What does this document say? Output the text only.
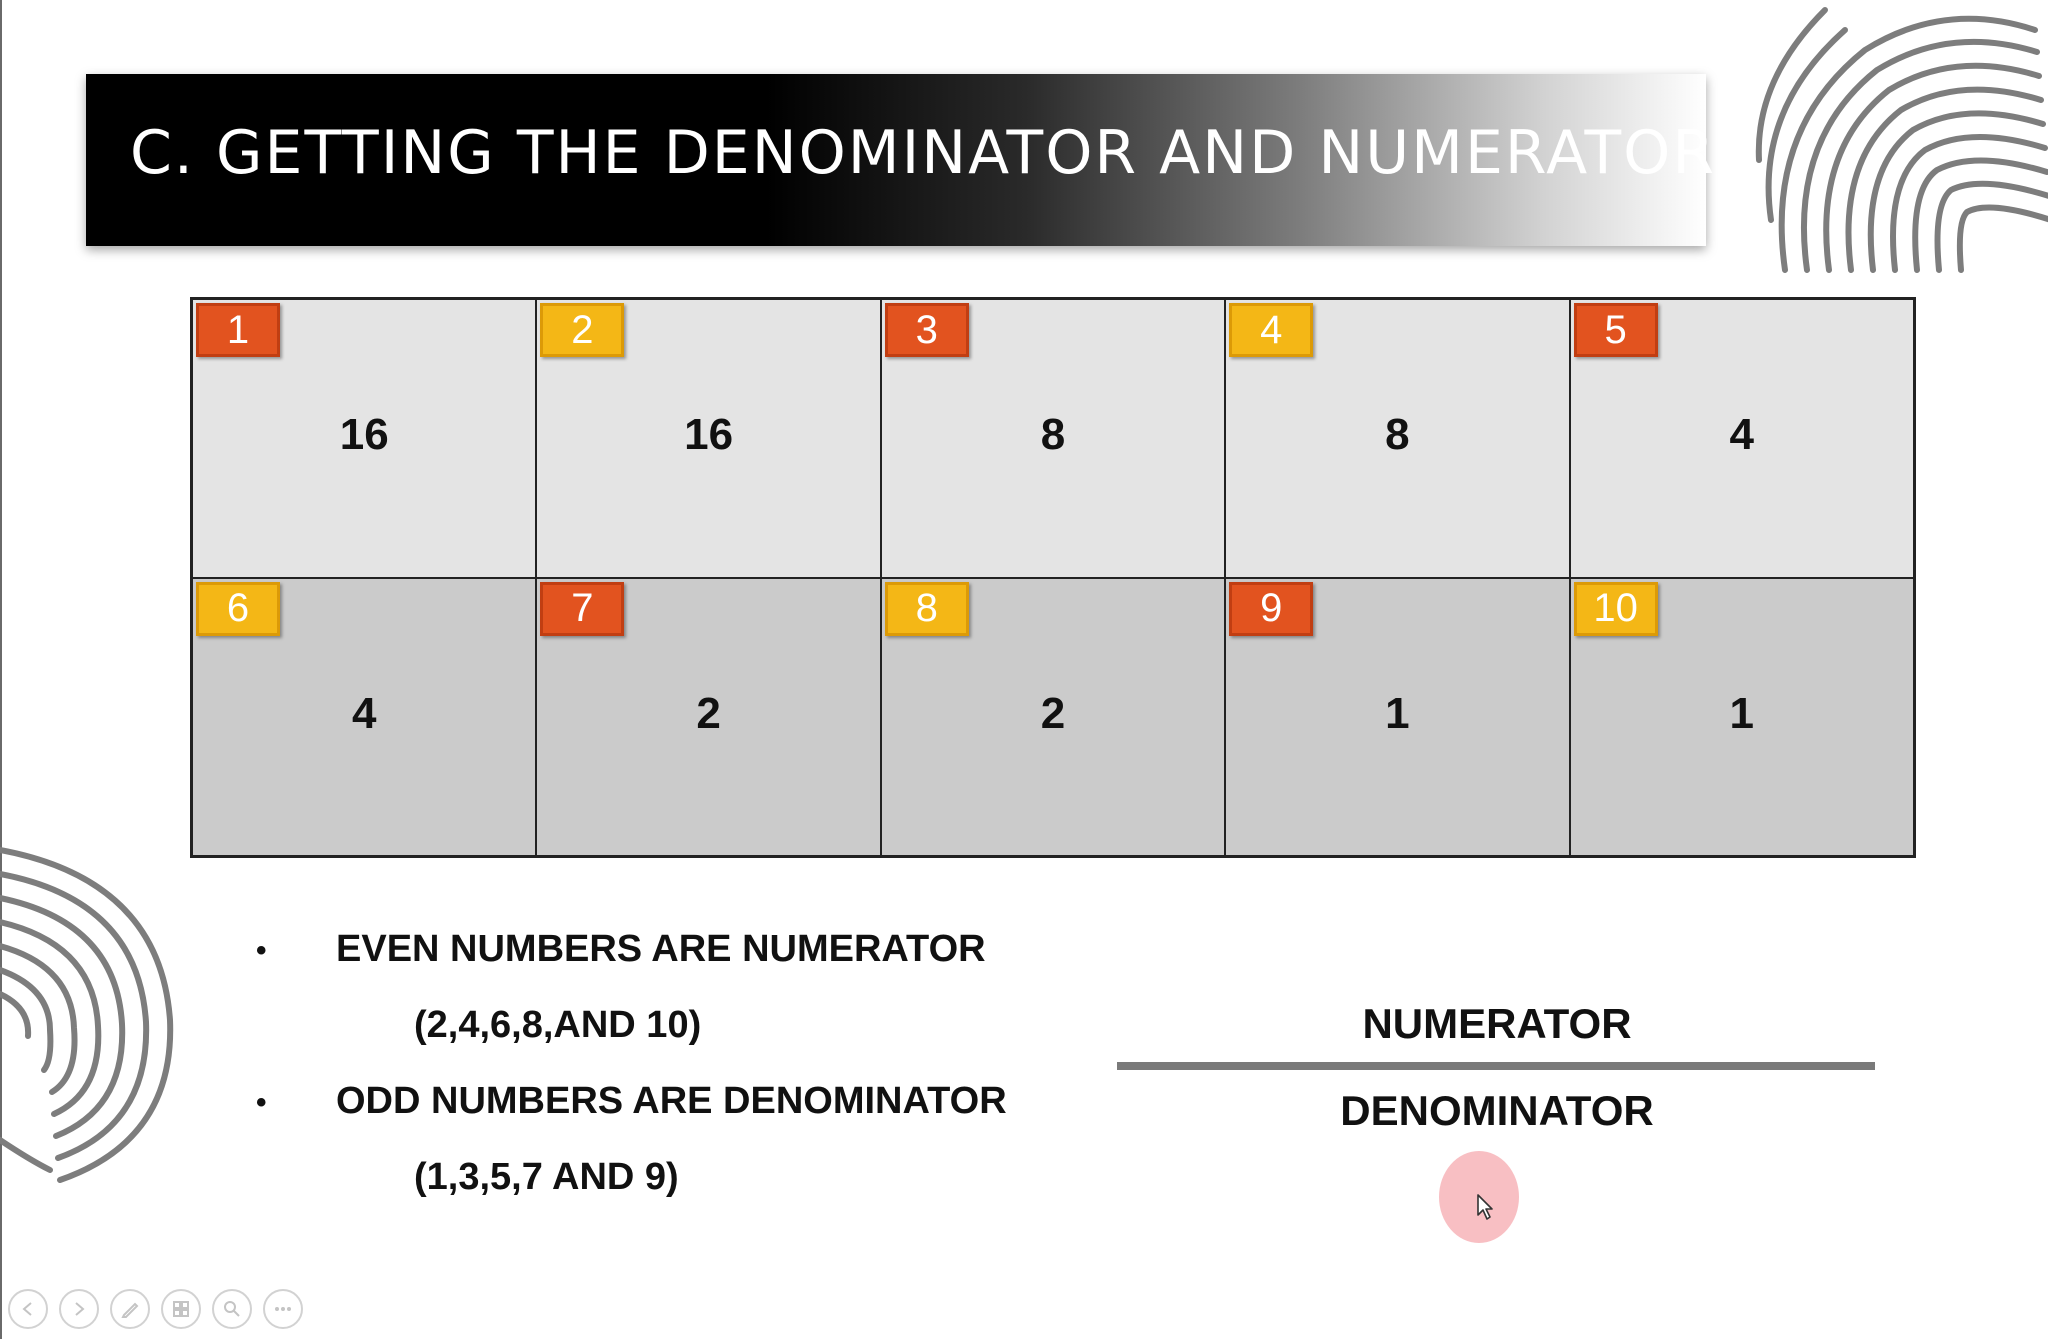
C. GETTING THE DENOMINATOR AND NUMERATOR
1
16
2
16
3
8
4
8
5
4
6
4
7
2
8
2
9
1
10
1
• EVEN NUMBERS ARE NUMERATOR
(2,4,6,8,AND 10)
• ODD NUMBERS ARE DENOMINATOR
(1,3,5,7 AND 9)
NUMERATOR
DENOMINATOR
